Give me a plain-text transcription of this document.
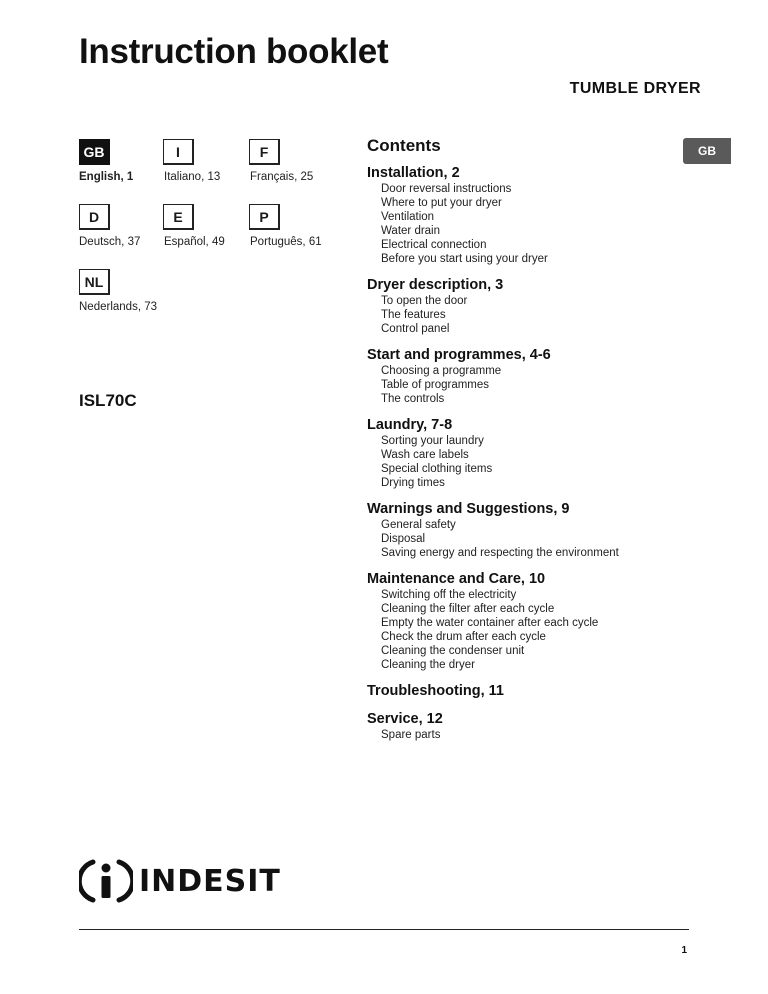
Instruction booklet
TUMBLE DRYER
GB
English, 1
I
Italiano, 13
F
Français, 25
D
Deutsch, 37
E
Español, 49
P
Português, 61
NL
Nederlands, 73
ISL70C
GB
Contents
Installation, 2
Door reversal instructions
Where to put your dryer
Ventilation
Water drain
Electrical connection
Before you start using your dryer
Dryer description, 3
To open the door
The features
Control panel
Start and programmes, 4-6
Choosing a programme
Table of programmes
The controls
Laundry, 7-8
Sorting your laundry
Wash care labels
Special clothing items
Drying times
Warnings and Suggestions, 9
General safety
Disposal
Saving energy and respecting the environment
Maintenance and Care, 10
Switching off the electricity
Cleaning the filter after each cycle
Empty the water container after each cycle
Check the drum after each cycle
Cleaning the condenser unit
Cleaning the dryer
Troubleshooting, 11
Service, 12
Spare parts
INDESIT
1
